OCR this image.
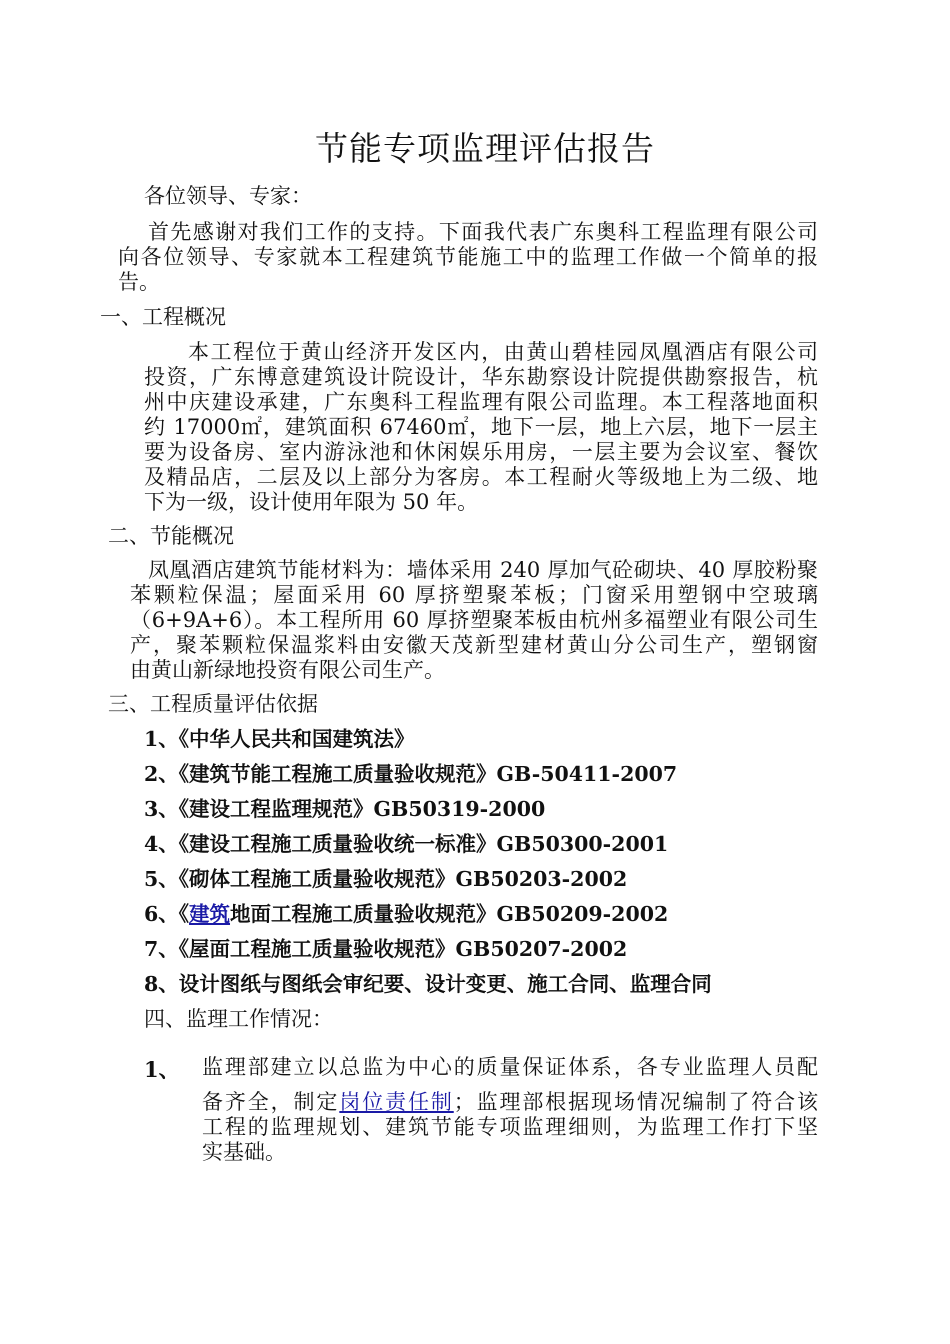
节能专项监理评估报告
各位领导、专家：
首先感谢对我们工作的支持。下面我代表广东奥科工程监理有限公司
向各位领导、专家就本工程建筑节能施工中的监理工作做一个简单的报
告。
一、工程概况
本工程位于黄山经济开发区内，由黄山碧桂园凤凰酒店有限公司
投资，广东博意建筑设计院设计，华东勘察设计院提供勘察报告，杭
州中庆建设承建，广东奥科工程监理有限公司监理。本工程落地面积
约 17000㎡，建筑面积 67460㎡，地下一层，地上六层，地下一层主
要为设备房、室内游泳池和休闲娱乐用房，一层主要为会议室、餐饮
及精品店，二层及以上部分为客房。本工程耐火等级地上为二级、地
下为一级，设计使用年限为 50 年。
二、节能概况
凤凰酒店建筑节能材料为：墙体采用 240 厚加气砼砌块、40 厚胶粉聚
苯颗粒保温；屋面采用 60 厚挤塑聚苯板；门窗采用塑钢中空玻璃
（6+9A+6）。本工程所用 60 厚挤塑聚苯板由杭州多福塑业有限公司生
产，聚苯颗粒保温浆料由安徽天茂新型建材黄山分公司生产，塑钢窗
由黄山新绿地投资有限公司生产。
三、工程质量评估依据
1、《中华人民共和国建筑法》
2、《建筑节能工程施工质量验收规范》GB-50411-2007
3、《建设工程监理规范》GB50319-2000
4、《建设工程施工质量验收统一标准》GB50300-2001
5、《砌体工程施工质量验收规范》GB50203-2002
6、《建筑地面工程施工质量验收规范》GB50209-2002
7、《屋面工程施工质量验收规范》GB50207-2002
8、设计图纸与图纸会审纪要、设计变更、施工合同、监理合同
四、监理工作情况：
1、 监理部建立以总监为中心的质量保证体系，各专业监理人员配
备齐全，制定岗位责任制；监理部根据现场情况编制了符合该
工程的监理规划、建筑节能专项监理细则，为监理工作打下坚
实基础。
